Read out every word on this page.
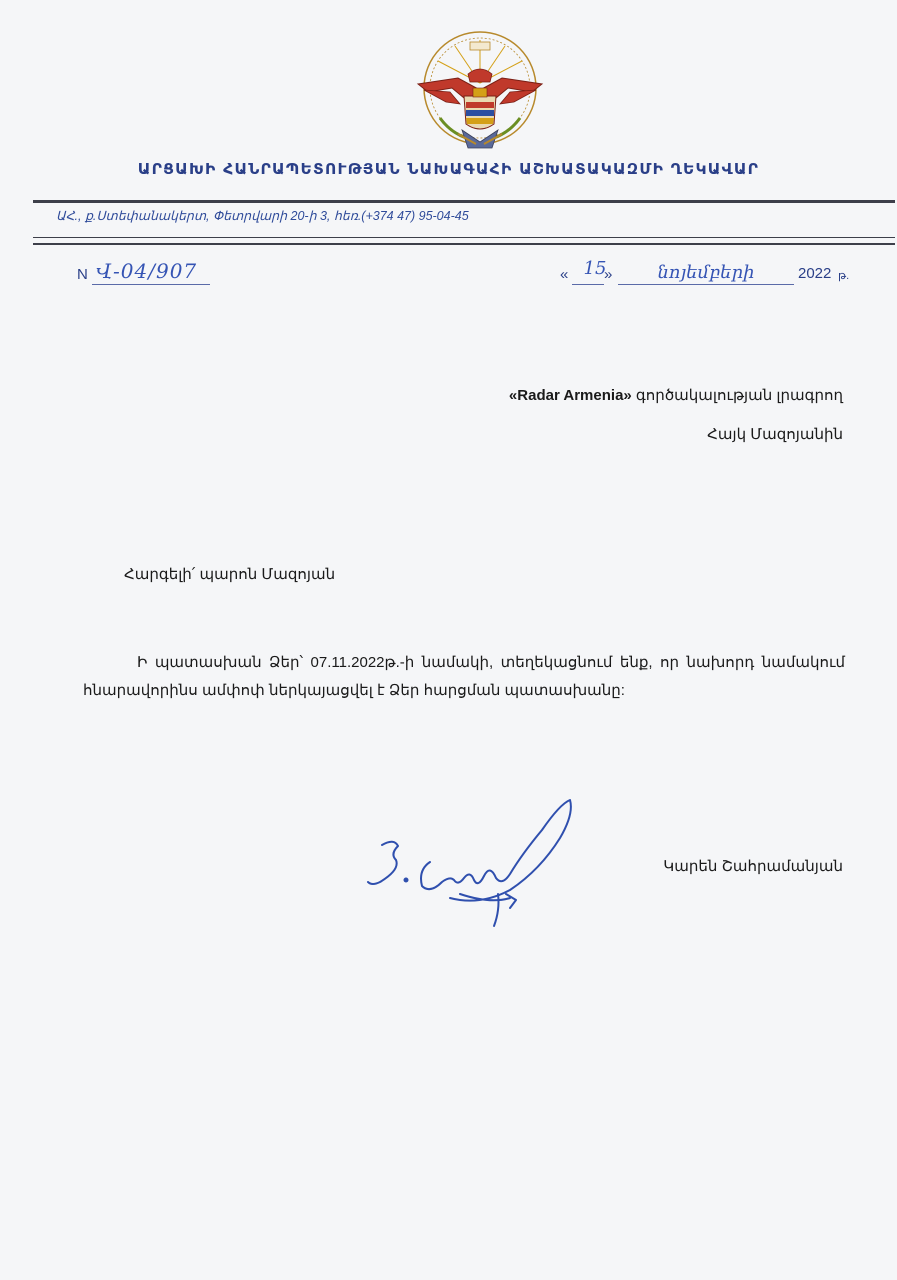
ԱՐՑԱԽԻ ՀԱՆՐԱՊԵՏՈՒԹՅԱՆ ՆԱԽԱԳԱՀԻ ԱՇԽԱՏԱԿԱԶՄԻ ՂԵԿԱՎԱՐ
ԱՀ., ք.Ստեփանակերտ, Փետրվարի 20-ի 3, հեռ.(+374 47) 95-04-45
N Վ-04/907	« 15
»	նոյեմբերի	2022 թ.
«Radar Armenia» գործակալության լրագրող
Հայկ Մազոյանին
Հարգելի՛ պարոն Մազոյան
Ի պատասխան Ձեր՝ 07.11.2022թ.-ի նամակի, տեղեկացնում ենք, որ նախորդ նամակում հնարավորինս ամփոփ ներկայացվել է Ձեր հարցման պատասխանը:
Կարեն Շահրամանյան
